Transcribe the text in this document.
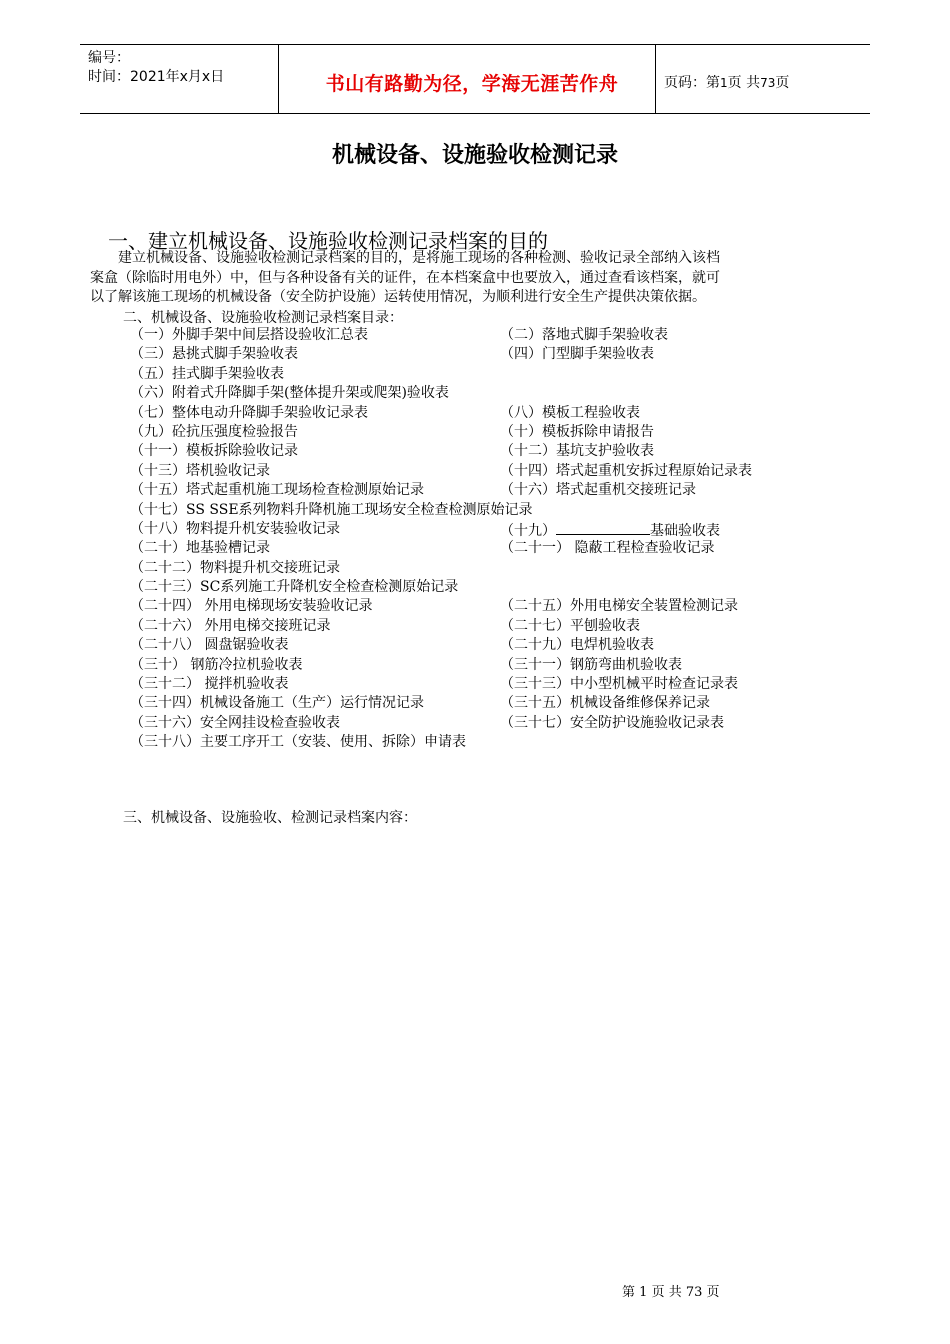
编号：
时间：2021年x月x日	书山有路勤为径，学海无涯苦作舟	页码：第1页 共73页
机械设备、设施验收检测记录
一、建立机械设备、设施验收检测记录档案的目的
　　建立机械设备、设施验收检测记录档案的目的，是将施工现场的各种检测、验收记录全部纳入该档
案盒（除临时用电外）中，但与各种设备有关的证件，在本档案盒中也要放入，通过查看该档案，就可
以了解该施工现场的机械设备（安全防护设施）运转使用情况，为顺利进行安全生产提供决策依据。
二、机械设备、设施验收检测记录档案目录：
（一）外脚手架中间层搭设验收汇总表	（二）落地式脚手架验收表
（三）悬挑式脚手架验收表	（四）门型脚手架验收表
（五）挂式脚手架验收表
（六）附着式升降脚手架(整体提升架或爬架)验收表
（七）整体电动升降脚手架验收记录表	（八）模板工程验收表
（九）砼抗压强度检验报告	（十）模板拆除申请报告
（十一）模板拆除验收记录	（十二）基坑支护验收表
（十三）塔机验收记录	（十四）塔式起重机安拆过程原始记录表
（十五）塔式起重机施工现场检查检测原始记录	（十六）塔式起重机交接班记录
（十七）SS SSE系列物料升降机施工现场安全检查检测原始记录
（十八）物料提升机安装验收记录	（十九）	基础验收表
（二十）地基验槽记录	（二十一） 隐蔽工程检查验收记录
（二十二）物料提升机交接班记录
（二十三）SC系列施工升降机安全检查检测原始记录
（二十四） 外用电梯现场安装验收记录	（二十五）外用电梯安全装置检测记录
（二十六） 外用电梯交接班记录	（二十七）平刨验收表
（二十八） 圆盘锯验收表	（二十九）电焊机验收表
（三十） 钢筋冷拉机验收表	（三十一）钢筋弯曲机验收表
（三十二） 搅拌机验收表	（三十三）中小型机械平时检查记录表
（三十四）机械设备施工（生产）运行情况记录	（三十五）机械设备维修保养记录
（三十六）安全网挂设检查验收表	（三十七）安全防护设施验收记录表
（三十八）主要工序开工（安装、使用、拆除）申请表
三、机械设备、设施验收、检测记录档案内容：
第 1 页 共 73 页
